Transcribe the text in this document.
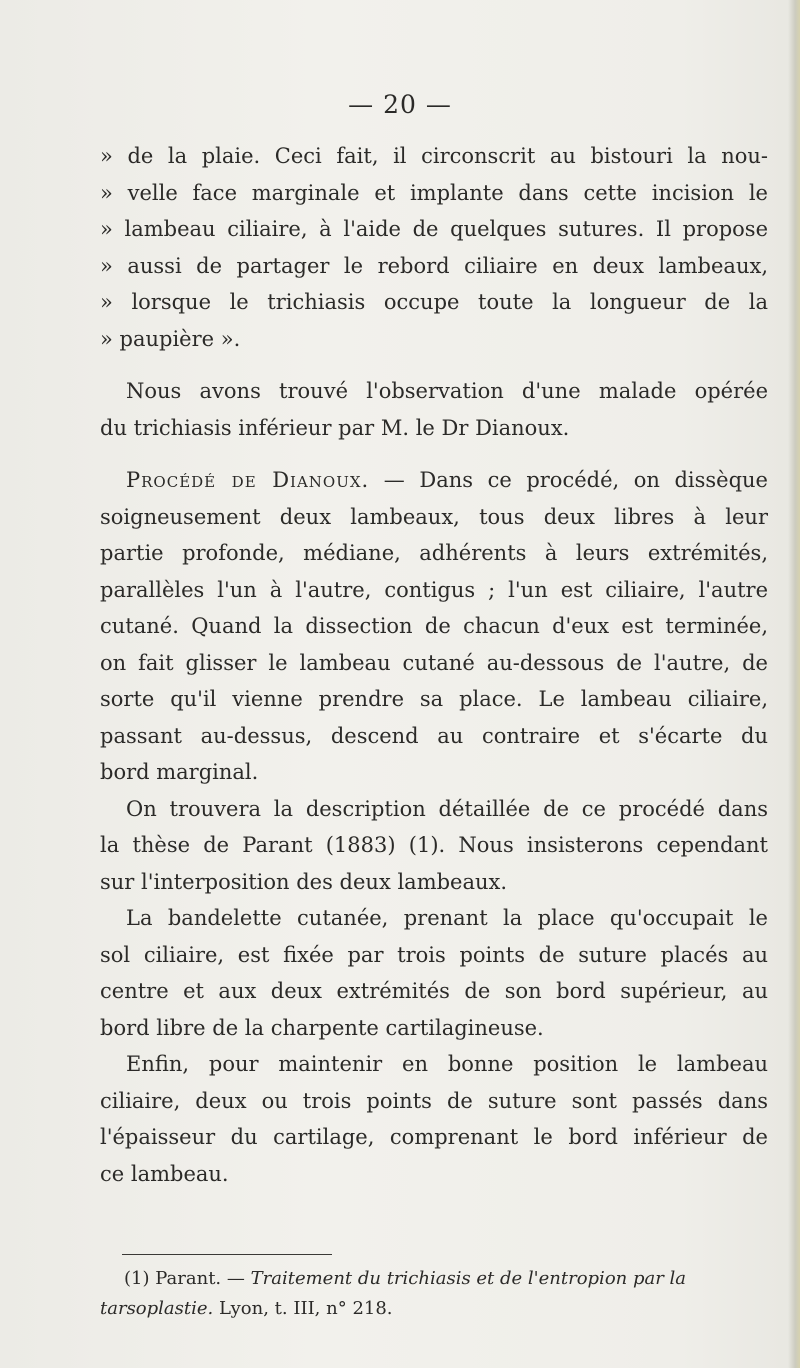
— 20 —
» de la plaie. Ceci fait, il circonscrit au bistouri la nou-
» velle face marginale et implante dans cette incision le
» lambeau ciliaire, à l'aide de quelques sutures. Il propose
» aussi de partager le rebord ciliaire en deux lambeaux,
» lorsque le trichiasis occupe toute la longueur de la
» paupière ».
Nous avons trouvé l'observation d'une malade opérée
du trichiasis inférieur par M. le Dr Dianoux.
Procédé de Dianoux. — Dans ce procédé, on dissèque
soigneusement deux lambeaux, tous deux libres à leur
partie profonde, médiane, adhérents à leurs extrémités,
parallèles l'un à l'autre, contigus ; l'un est ciliaire, l'autre
cutané. Quand la dissection de chacun d'eux est terminée,
on fait glisser le lambeau cutané au-dessous de l'autre, de
sorte qu'il vienne prendre sa place. Le lambeau ciliaire,
passant au-dessus, descend au contraire et s'écarte du
bord marginal.
On trouvera la description détaillée de ce procédé dans
la thèse de Parant (1883) (1). Nous insisterons cependant
sur l'interposition des deux lambeaux.
La bandelette cutanée, prenant la place qu'occupait le
sol ciliaire, est fixée par trois points de suture placés au
centre et aux deux extrémités de son bord supérieur, au
bord libre de la charpente cartilagineuse.
Enfin, pour maintenir en bonne position le lambeau
ciliaire, deux ou trois points de suture sont passés dans
l'épaisseur du cartilage, comprenant le bord inférieur de
ce lambeau.
(1) Parant. — Traitement du trichiasis et de l'entropion par la
tarsoplastie. Lyon, t. III, n° 218.
